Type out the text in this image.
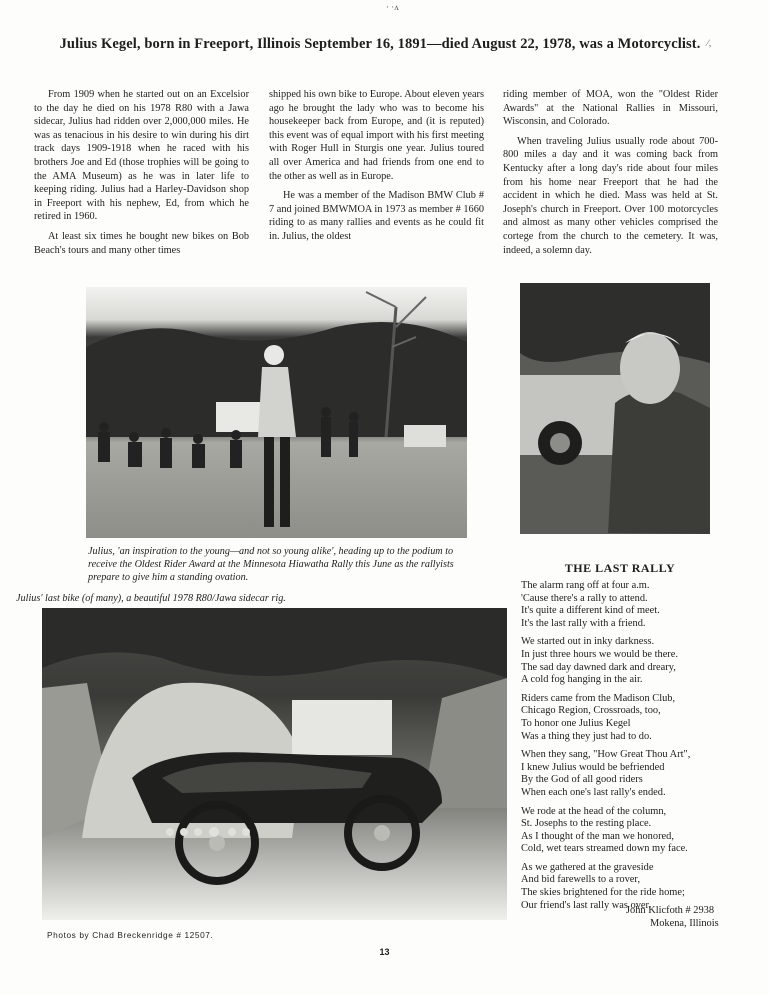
⁄‚
· ·ʌ
Julius Kegel, born in Freeport, Illinois September 16, 1891—died August 22, 1978, was a Motorcyclist.

From 1909 when he started out on an Excelsior to the day he died on his 1978 R80 with a Jawa sidecar, Julius had ridden over 2,000,000 miles. He was as tenacious in his desire to win during his dirt track days 1909-1918 when he raced with his brothers Joe and Ed (those trophies will be going to the AMA Museum) as he was in later life to keeping riding. Julius had a Harley-Davidson shop in Freeport with his nephew, Ed, from which he retired in 1960.

At least six times he bought new bikes on Bob Beach's tours and many other times

shipped his own bike to Europe. About eleven years ago he brought the lady who was to become his housekeeper back from Europe, and (it is reputed) this event was of equal import with his first meeting with Roger Hull in Sturgis one year. Julius toured all over America and had friends from one end to the other as well as in Europe.

He was a member of the Madison BMW Club # 7 and joined BMWMOA in 1973 as member # 1660 riding to as many rallies and events as he could fit in. Julius, the oldest

riding member of MOA, won the "Oldest Rider Awards" at the National Rallies in Missouri, Wisconsin, and Colorado.

When traveling Julius usually rode about 700-800 miles a day and it was coming back from Kentucky after a long day's ride about four miles from his home near Freeport that he had the accident in which he died. Mass was held at St. Joseph's church in Freeport. Over 100 motorcycles and almost as many other vehicles comprised the cortege from the church to the cemetery. It was, indeed, a solemn day.

Julius, 'an inspiration to the young—and not so young alike', heading up to the podium to receive the Oldest Rider Award at the Minnesota Hiawatha Rally this June as the rallyists prepare to give him a standing ovation.
THE LAST RALLY
Julius' last bike (of many), a beautiful 1978 R80/Jawa sidecar rig.
The alarm rang off at four a.m.
'Cause there's a rally to attend.
It's quite a different kind of meet.
It's the last rally with a friend.
We started out in inky darkness.
In just three hours we would be there.
The sad day dawned dark and dreary,
A cold fog hanging in the air.
Riders came from the Madison Club,
Chicago Region, Crossroads, too,
To honor one Julius Kegel
Was a thing they just had to do.
When they sang, "How Great Thou Art",
I knew Julius would be befriended
By the God of all good riders
When each one's last rally's ended.
We rode at the head of the column,
St. Josephs to the resting place.
As I thought of the man we honored,
Cold, wet tears streamed down my face.
As we gathered at the graveside
And bid farewells to a rover,
The skies brightened for the ride home;
Our friend's last rally was over.
John Klicfoth # 2938
Mokena, Illinois
Photos by Chad Breckenridge # 12507.
13
